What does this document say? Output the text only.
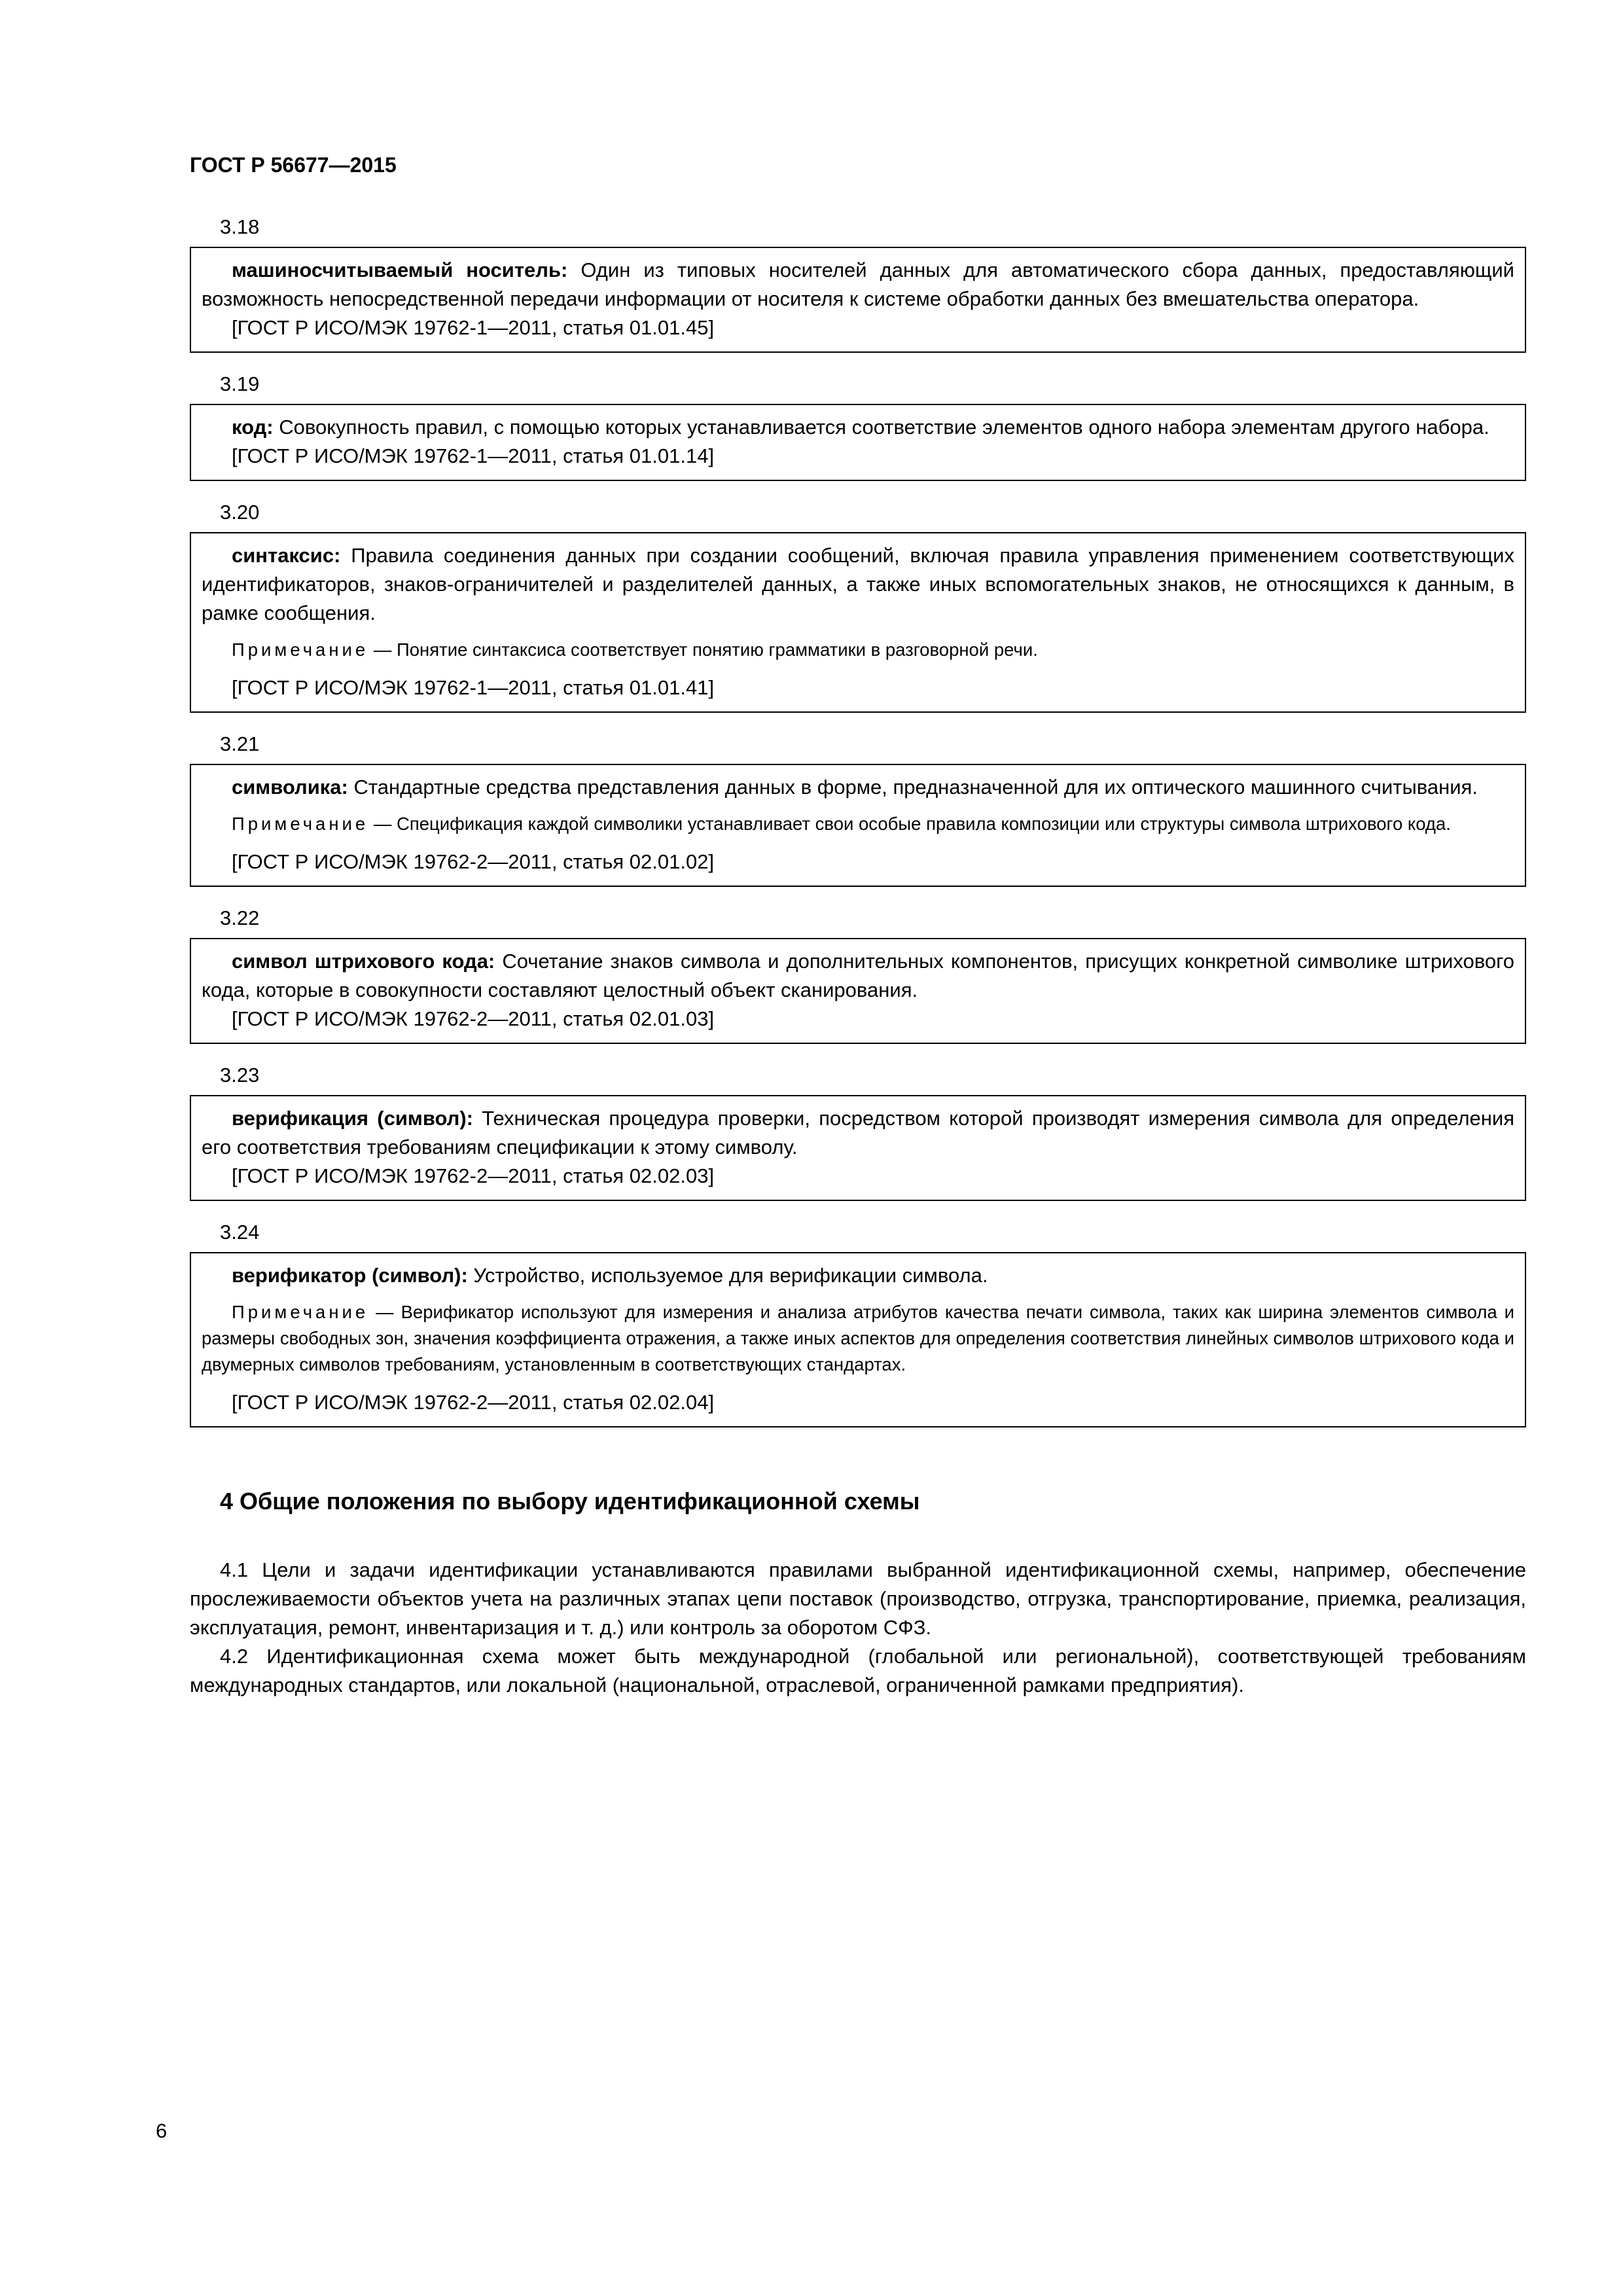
ГОСТ Р 56677—2015
3.18

машиносчитываемый носитель: Один из типовых носителей данных для автоматического сбора данных, предоставляющий возможность непосредственной передачи информации от носителя к системе обработки данных без вмешательства оператора.

[ГОСТ Р ИСО/МЭК 19762-1—2011, статья 01.01.45]

3.19

код: Совокупность правил, с помощью которых устанавливается соответствие элементов одного набора элементам другого набора.

[ГОСТ Р ИСО/МЭК 19762-1—2011, статья 01.01.14]

3.20

синтаксис: Правила соединения данных при создании сообщений, включая правила управления применением соответствующих идентификаторов, знаков-ограничителей и разделителей данных, а также иных вспомогательных знаков, не относящихся к данным, в рамке сообщения.

Примечание — Понятие синтаксиса соответствует понятию грамматики в разговорной речи.

[ГОСТ Р ИСО/МЭК 19762-1—2011, статья 01.01.41]

3.21

символика: Стандартные средства представления данных в форме, предназначенной для их оптического машинного считывания.

Примечание — Спецификация каждой символики устанавливает свои особые правила композиции или структуры символа штрихового кода.

[ГОСТ Р ИСО/МЭК 19762-2—2011, статья 02.01.02]

3.22

символ штрихового кода: Сочетание знаков символа и дополнительных компонентов, присущих конкретной символике штрихового кода, которые в совокупности составляют целостный объект сканирования.

[ГОСТ Р ИСО/МЭК 19762-2—2011, статья 02.01.03]

3.23

верификация (символ): Техническая процедура проверки, посредством которой производят измерения символа для определения его соответствия требованиям спецификации к этому символу.

[ГОСТ Р ИСО/МЭК 19762-2—2011, статья 02.02.03]

3.24

верификатор (символ): Устройство, используемое для верификации символа.

Примечание — Верификатор используют для измерения и анализа атрибутов качества печати символа, таких как ширина элементов символа и размеры свободных зон, значения коэффициента отражения, а также иных аспектов для определения соответствия линейных символов штрихового кода и двумерных символов требованиям, установленным в соответствующих стандартах.

[ГОСТ Р ИСО/МЭК 19762-2—2011, статья 02.02.04]

4 Общие положения по выбору идентификационной схемы

4.1 Цели и задачи идентификации устанавливаются правилами выбранной идентификационной схемы, например, обеспечение прослеживаемости объектов учета на различных этапах цепи поставок (производство, отгрузка, транспортирование, приемка, реализация, эксплуатация, ремонт, инвентаризация и т. д.) или контроль за оборотом СФЗ.

4.2 Идентификационная схема может быть международной (глобальной или региональной), соответствующей требованиям международных стандартов, или локальной (национальной, отраслевой, ограниченной рамками предприятия).

6
